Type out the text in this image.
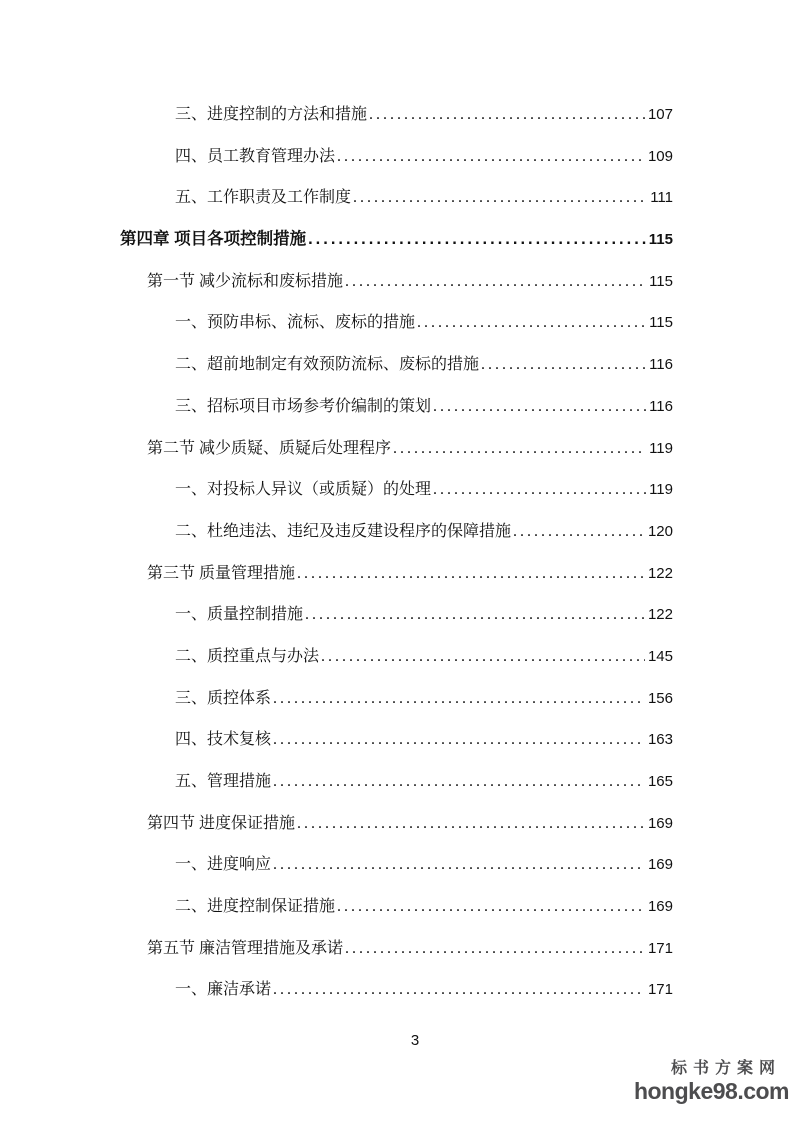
三、进度控制的方法和措施 .....	107
四、员工教育管理办法 .....	109
五、工作职责及工作制度 .....	111
第四章 项目各项控制措施 .....	115
第一节 减少流标和废标措施 .....	115
一、预防串标、流标、废标的措施 .....	115
二、超前地制定有效预防流标、废标的措施 .....	116
三、招标项目市场参考价编制的策划 .....	116
第二节 减少质疑、质疑后处理程序 .....	119
一、对投标人异议（或质疑）的处理 .....	119
二、杜绝违法、违纪及违反建设程序的保障措施 .....	120
第三节 质量管理措施 .....	122
一、质量控制措施 .....	122
二、质控重点与办法 .....	145
三、质控体系 .....	156
四、技术复核 .....	163
五、管理措施 .....	165
第四节 进度保证措施 .....	169
一、进度响应 .....	169
二、进度控制保证措施 .....	169
第五节 廉洁管理措施及承诺 .....	171
一、廉洁承诺 .....	171
3
标书方案网
hongke98.com
